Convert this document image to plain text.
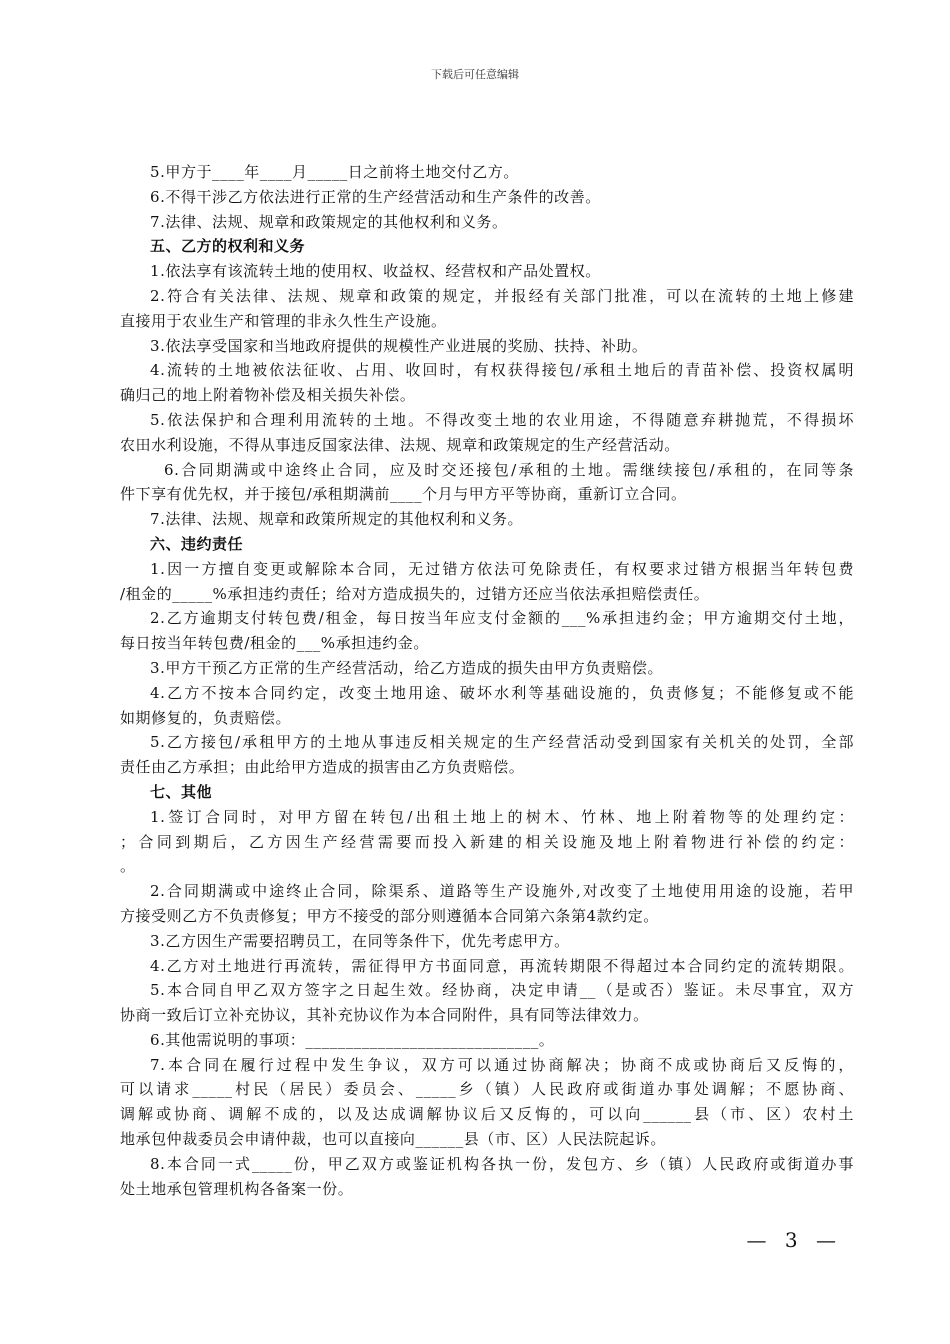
下载后可任意编辑

5.甲方于____年____月_____日之前将土地交付乙方。

6.不得干涉乙方依法进行正常的生产经营活动和生产条件的改善。

7.法律、法规、规章和政策规定的其他权利和义务。

五、乙方的权利和义务

1.依法享有该流转土地的使用权、收益权、经营权和产品处置权。

2.符合有关法律、法规、规章和政策的规定，并报经有关部门批准，可以在流转的土地上修建

直接用于农业生产和管理的非永久性生产设施。

3.依法享受国家和当地政府提供的规模性产业进展的奖励、扶持、补助。

4.流转的土地被依法征收、占用、收回时，有权获得接包/承租土地后的青苗补偿、投资权属明

确归己的地上附着物补偿及相关损失补偿。

5.依法保护和合理利用流转的土地。不得改变土地的农业用途，不得随意弃耕抛荒，不得损坏

农田水利设施，不得从事违反国家法律、法规、规章和政策规定的生产经营活动。

6.合同期满或中途终止合同，应及时交还接包/承租的土地。需继续接包/承租的，在同等条

件下享有优先权，并于接包/承租期满前____个月与甲方平等协商，重新订立合同。

7.法律、法规、规章和政策所规定的其他权利和义务。

六、违约责任

1.因一方擅自变更或解除本合同，无过错方依法可免除责任，有权要求过错方根据当年转包费

/租金的_____%承担违约责任；给对方造成损失的，过错方还应当依法承担赔偿责任。

2.乙方逾期支付转包费/租金，每日按当年应支付金额的___%承担违约金；甲方逾期交付土地，

每日按当年转包费/租金的___%承担违约金。

3.甲方干预乙方正常的生产经营活动，给乙方造成的损失由甲方负责赔偿。

4.乙方不按本合同约定，改变土地用途、破坏水利等基础设施的，负责修复；不能修复或不能

如期修复的，负责赔偿。

5.乙方接包/承租甲方的土地从事违反相关规定的生产经营活动受到国家有关机关的处罚，全部

责任由乙方承担；由此给甲方造成的损害由乙方负责赔偿。

七、其他

1.签订合同时，对甲方留在转包/出租土地上的树木、竹林、地上附着物等的处理约定：

；合同到期后，乙方因生产经营需要而投入新建的相关设施及地上附着物进行补偿的约定：

。

2.合同期满或中途终止合同，除渠系、道路等生产设施外,对改变了土地使用用途的设施，若甲

方接受则乙方不负责修复；甲方不接受的部分则遵循本合同第六条第4款约定。

3.乙方因生产需要招聘员工，在同等条件下，优先考虑甲方。

4.乙方对土地进行再流转，需征得甲方书面同意，再流转期限不得超过本合同约定的流转期限。

5.本合同自甲乙双方签字之日起生效。经协商，决定申请__（是或否）鉴证。未尽事宜，双方

协商一致后订立补充协议，其补充协议作为本合同附件，具有同等法律效力。

6.其他需说明的事项：_____________________________。

7.本合同在履行过程中发生争议，双方可以通过协商解决；协商不成或协商后又反悔的，

可以请求_____村民（居民）委员会、_____乡（镇）人民政府或街道办事处调解；不愿协商、

调解或协商、调解不成的，以及达成调解协议后又反悔的，可以向______县（市、区）农村土

地承包仲裁委员会申请仲裁，也可以直接向______县（市、区）人民法院起诉。

8.本合同一式_____份，甲乙双方或鉴证机构各执一份，发包方、乡（镇）人民政府或街道办事

处土地承包管理机构各备案一份。

— 3 —
